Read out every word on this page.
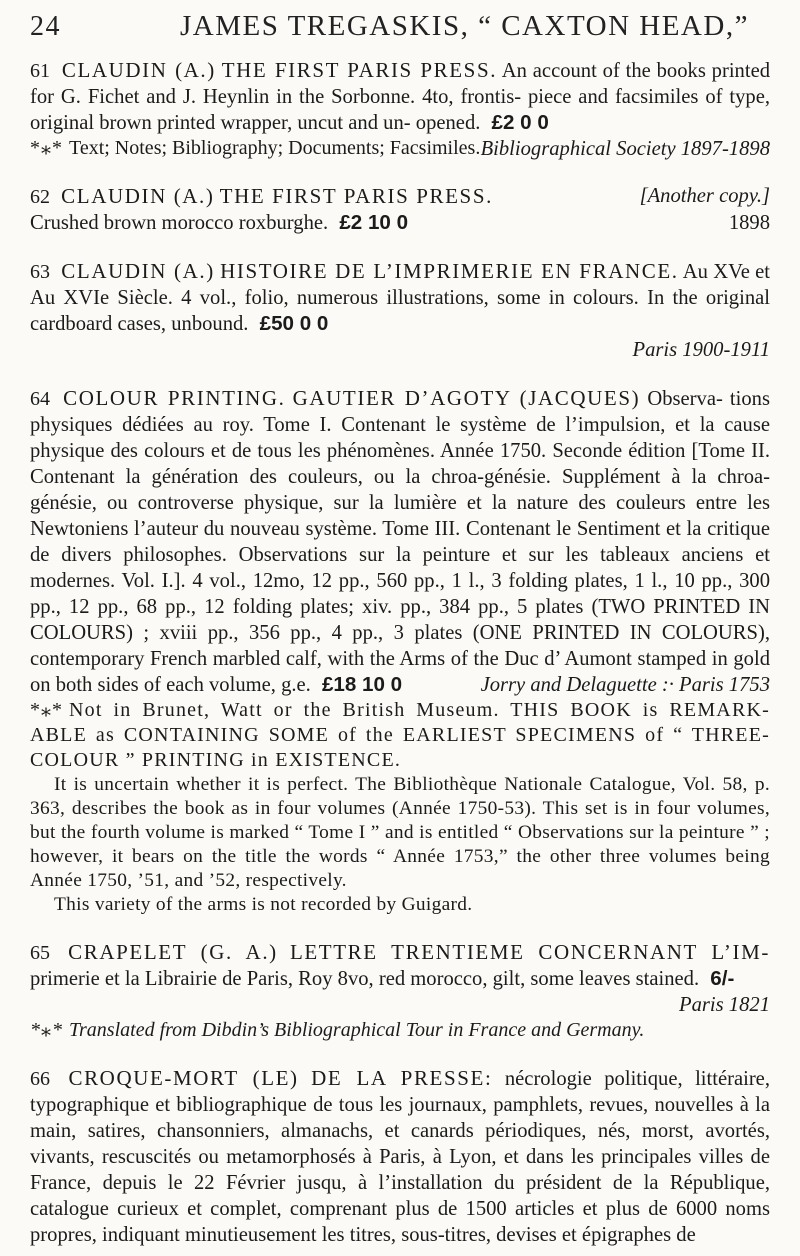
24	JAMES TREGASKIS, “ CAXTON HEAD,”
61 CLAUDIN (A.) THE FIRST PARIS PRESS. An account of the books printed for G. Fichet and J. Heynlin in the Sorbonne. 4to, frontis- piece and facsimiles of type, original brown printed wrapper, uncut and un- opened. £2 0 0
Bibliographical Society 1897-1898
*⁎* Text; Notes; Bibliography; Documents; Facsimiles.
62 CLAUDIN (A.) THE FIRST PARIS PRESS.	[Another copy.]
Crushed brown morocco roxburghe. £2 10 0	1898
63 CLAUDIN (A.) HISTOIRE DE L’IMPRIMERIE EN FRANCE. Au XVe et Au XVIe Siècle. 4 vol., folio, numerous illustrations, some in colours. In the original cardboard cases, unbound. £50 0 0
Paris 1900-1911
64 COLOUR PRINTING. GAUTIER D’AGOTY (JACQUES) Observa- tions physiques dédiées au roy. Tome I. Contenant le système de l’impulsion, et la cause physique des colours et de tous les phénomènes. Année 1750. Seconde édition [Tome II. Contenant la génération des couleurs, ou la chroa-génésie. Supplément à la chroa-génésie, ou controverse physique, sur la lumière et la nature des couleurs entre les Newtoniens l’auteur du nouveau système. Tome III. Contenant le Sentiment et la critique de divers philosophes. Observations sur la peinture et sur les tableaux anciens et modernes. Vol. I.]. 4 vol., 12mo, 12 pp., 560 pp., 1 l., 3 folding plates, 1 l., 10 pp., 300 pp., 12 pp., 68 pp., 12 folding plates; xiv. pp., 384 pp., 5 plates (TWO PRINTED IN COLOURS) ; xviii pp., 356 pp., 4 pp., 3 plates (ONE PRINTED IN COLOURS), contemporary French marbled calf, with the Arms of the Duc d’ Aumont stamped in gold on both sides of each volume, g.e. £18 10 0	Jorry and Delaguette :· Paris 1753
*⁎* Not in Brunet, Watt or the British Museum. THIS BOOK is REMARK- ABLE as CONTAINING SOME of the EARLIEST SPECIMENS of “ THREE- COLOUR ” PRINTING in EXISTENCE.
It is uncertain whether it is perfect. The Bibliothèque Nationale Catalogue, Vol. 58, p. 363, describes the book as in four volumes (Année 1750-53). This set is in four volumes, but the fourth volume is marked “ Tome I ” and is entitled “ Observations sur la peinture ” ; however, it bears on the title the words “ Année 1753,” the other three volumes being Année 1750, ’51, and ’52, respectively.
This variety of the arms is not recorded by Guigard.
65 CRAPELET (G. A.) LETTRE TRENTIEME CONCERNANT L’IM- primerie et la Librairie de Paris, Roy 8vo, red morocco, gilt, some leaves stained. 6/-
Paris 1821
*⁎* Translated from Dibdin’s Bibliographical Tour in France and Germany.
66 CROQUE-MORT (LE) DE LA PRESSE: nécrologie politique, littéraire, typographique et bibliographique de tous les journaux, pamphlets, revues, nouvelles à la main, satires, chansonniers, almanachs, et canards périodiques, nés, morst, avortés, vivants, rescuscités ou metamorphosés à Paris, à Lyon, et dans les principales villes de France, depuis le 22 Février jusqu, à l’installation du président de la République, catalogue curieux et complet, comprenant plus de 1500 articles et plus de 6000 noms propres, indiquant minutieusement les titres, sous-titres, devises et épigraphes de
